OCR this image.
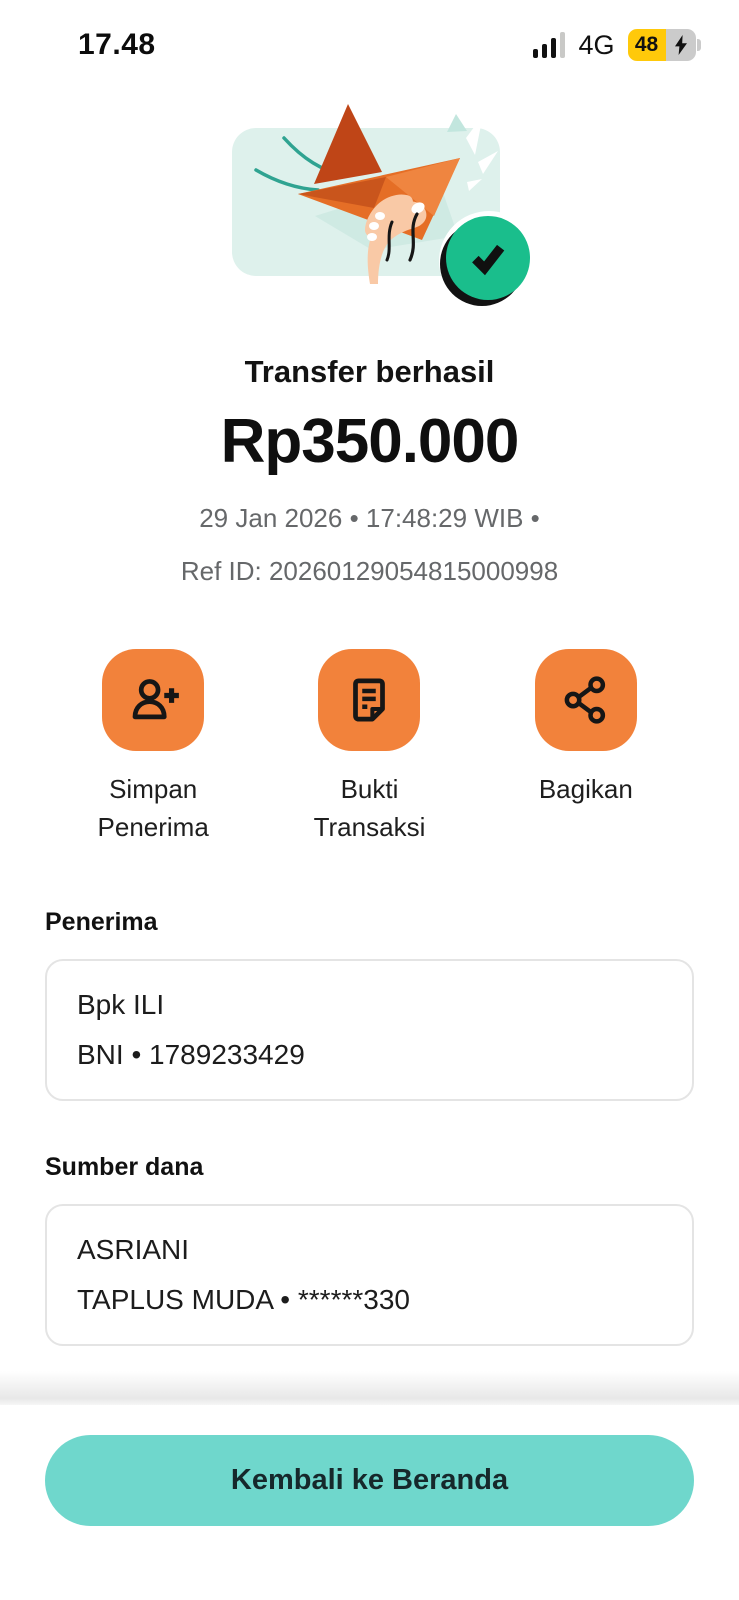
17.48	4G 48
Transfer berhasil
Rp350.000
29 Jan 2026 • 17:48:29 WIB •
Ref ID: 20260129054815000998
Simpan Penerima
Bukti Transaksi
Bagikan
Penerima
Bpk ILI
BNI • 1789233429
Sumber dana
ASRIANI
TAPLUS MUDA • ******330
Kembali ke Beranda
